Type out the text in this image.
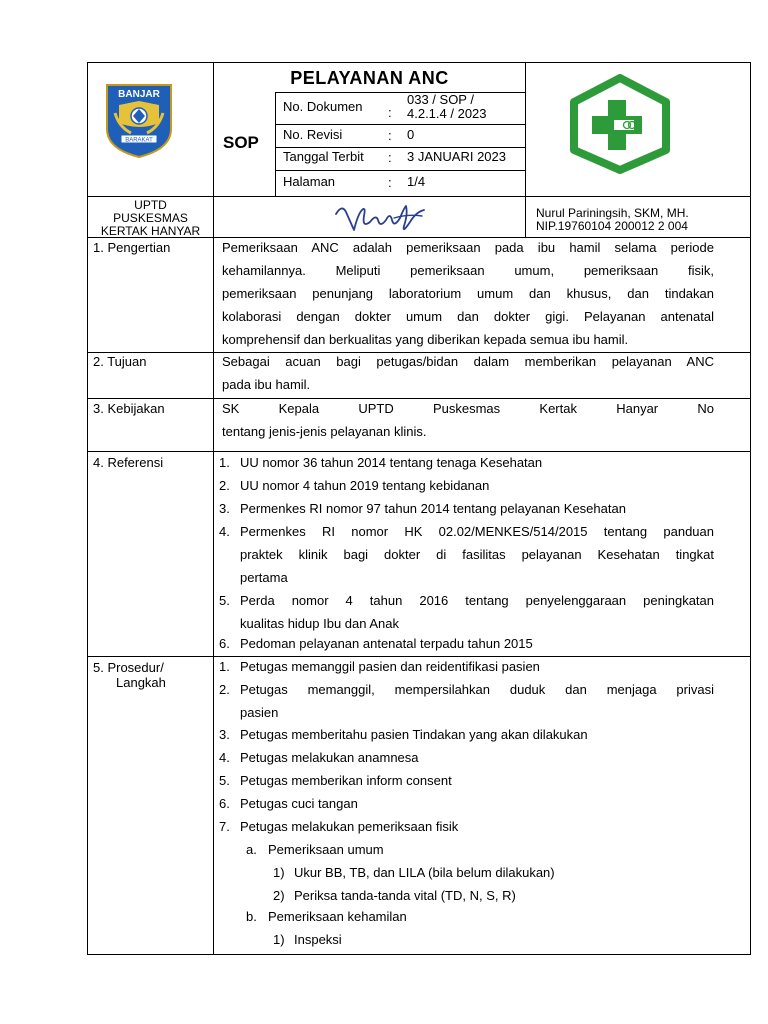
BANJAR
BARAKAT
PELAYANAN ANC
SOP
No. Dokumen :
033 / SOP /
4.2.1.4 / 2023
No. Revisi	: 0
Tanggal Terbit : 3 JANUARI 2023
Halaman	: 1/4
UPTD
PUSKESMAS
KERTAK HANYAR
Nurul Pariningsih, SKM, MH.
NIP.19760104 200012 2 004
1. Pengertian	Pemeriksaan ANC adalah pemeriksaan pada ibu hamil selama periode
kehamilannya. Meliputi pemeriksaan umum, pemeriksaan fisik,
pemeriksaan penunjang laboratorium umum dan khusus, dan tindakan
kolaborasi dengan dokter umum dan dokter gigi. Pelayanan antenatal
komprehensif dan berkualitas yang diberikan kepada semua ibu hamil.
2. Tujuan	Sebagai acuan bagi petugas/bidan dalam memberikan pelayanan ANC
pada ibu hamil.
3. Kebijakan	SK Kepala UPTD Puskesmas Kertak Hanyar No
tentang jenis-jenis pelayanan klinis.
4. Referensi	1. UU nomor 36 tahun 2014 tentang tenaga Kesehatan
2. UU nomor 4 tahun 2019 tentang kebidanan
3. Permenkes RI nomor 97 tahun 2014 tentang pelayanan Kesehatan
4. Permenkes RI nomor HK 02.02/MENKES/514/2015 tentang panduan
praktek klinik bagi dokter di fasilitas pelayanan Kesehatan tingkat
pertama
5. Perda nomor 4 tahun 2016 tentang penyelenggaraan peningkatan
kualitas hidup Ibu dan Anak
6. Pedoman pelayanan antenatal terpadu tahun 2015
5. Prosedur/
Langkah
1. Petugas memanggil pasien dan reidentifikasi pasien
2. Petugas memanggil, mempersilahkan duduk dan menjaga privasi
pasien
3. Petugas memberitahu pasien Tindakan yang akan dilakukan
4. Petugas melakukan anamnesa
5. Petugas memberikan inform consent
6. Petugas cuci tangan
7. Petugas melakukan pemeriksaan fisik
a. Pemeriksaan umum
1) Ukur BB, TB, dan LILA (bila belum dilakukan)
2) Periksa tanda-tanda vital (TD, N, S, R)
b. Pemeriksaan kehamilan
1) Inspeksi
